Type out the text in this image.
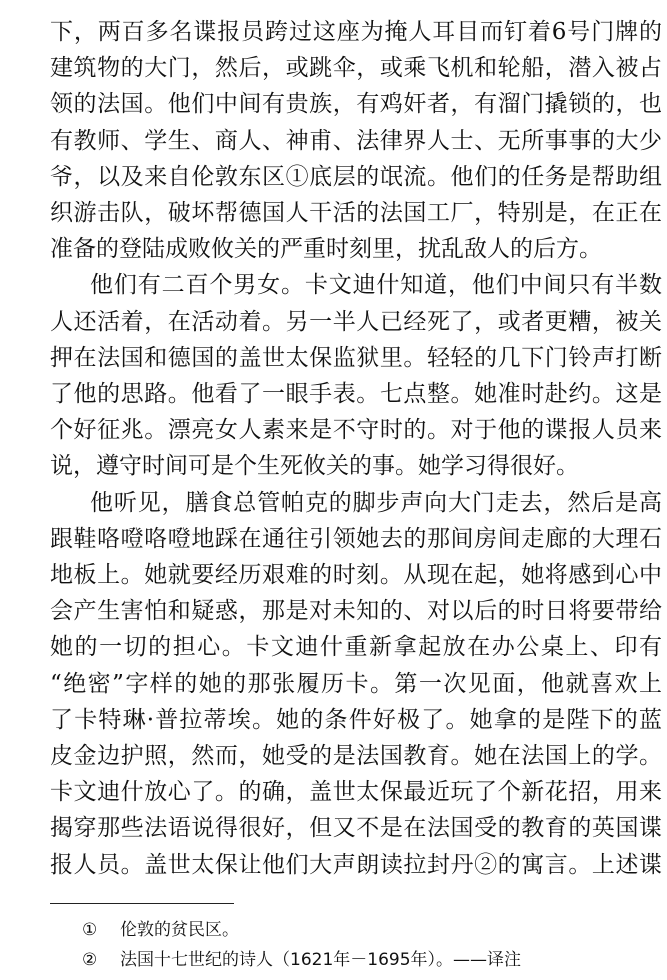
下，两百多名谍报员跨过这座为掩人耳目而钉着6号门牌的
建筑物的大门，然后，或跳伞，或乘飞机和轮船，潜入被占
领的法国。他们中间有贵族，有鸡奸者，有溜门撬锁的，也
有教师、学生、商人、神甫、法律界人士、无所事事的大少
爷，以及来自伦敦东区①底层的氓流。他们的任务是帮助组
织游击队，破坏帮德国人干活的法国工厂，特别是，在正在
准备的登陆成败攸关的严重时刻里，扰乱敌人的后方。
他们有二百个男女。卡文迪什知道，他们中间只有半数
人还活着，在活动着。另一半人已经死了，或者更糟，被关
押在法国和德国的盖世太保监狱里。轻轻的几下门铃声打断
了他的思路。他看了一眼手表。七点整。她准时赴约。这是
个好征兆。漂亮女人素来是不守时的。对于他的谍报人员来
说，遵守时间可是个生死攸关的事。她学习得很好。
他听见，膳食总管帕克的脚步声向大门走去，然后是高
跟鞋咯噔咯噔地踩在通往引领她去的那间房间走廊的大理石
地板上。她就要经历艰难的时刻。从现在起，她将感到心中
会产生害怕和疑惑，那是对未知的、对以后的时日将要带给
她的一切的担心。卡文迪什重新拿起放在办公桌上、印有
“绝密”字样的她的那张履历卡。第一次见面，他就喜欢上
了卡特琳·普拉蒂埃。她的条件好极了。她拿的是陛下的蓝
皮金边护照，然而，她受的是法国教育。她在法国上的学。
卡文迪什放心了。的确，盖世太保最近玩了个新花招，用来
揭穿那些法语说得很好，但又不是在法国受的教育的英国谍
报人员。盖世太保让他们大声朗读拉封丹②的寓言。上述谍
① 伦敦的贫民区。
② 法国十七世纪的诗人（1621年－1695年）。——译注
